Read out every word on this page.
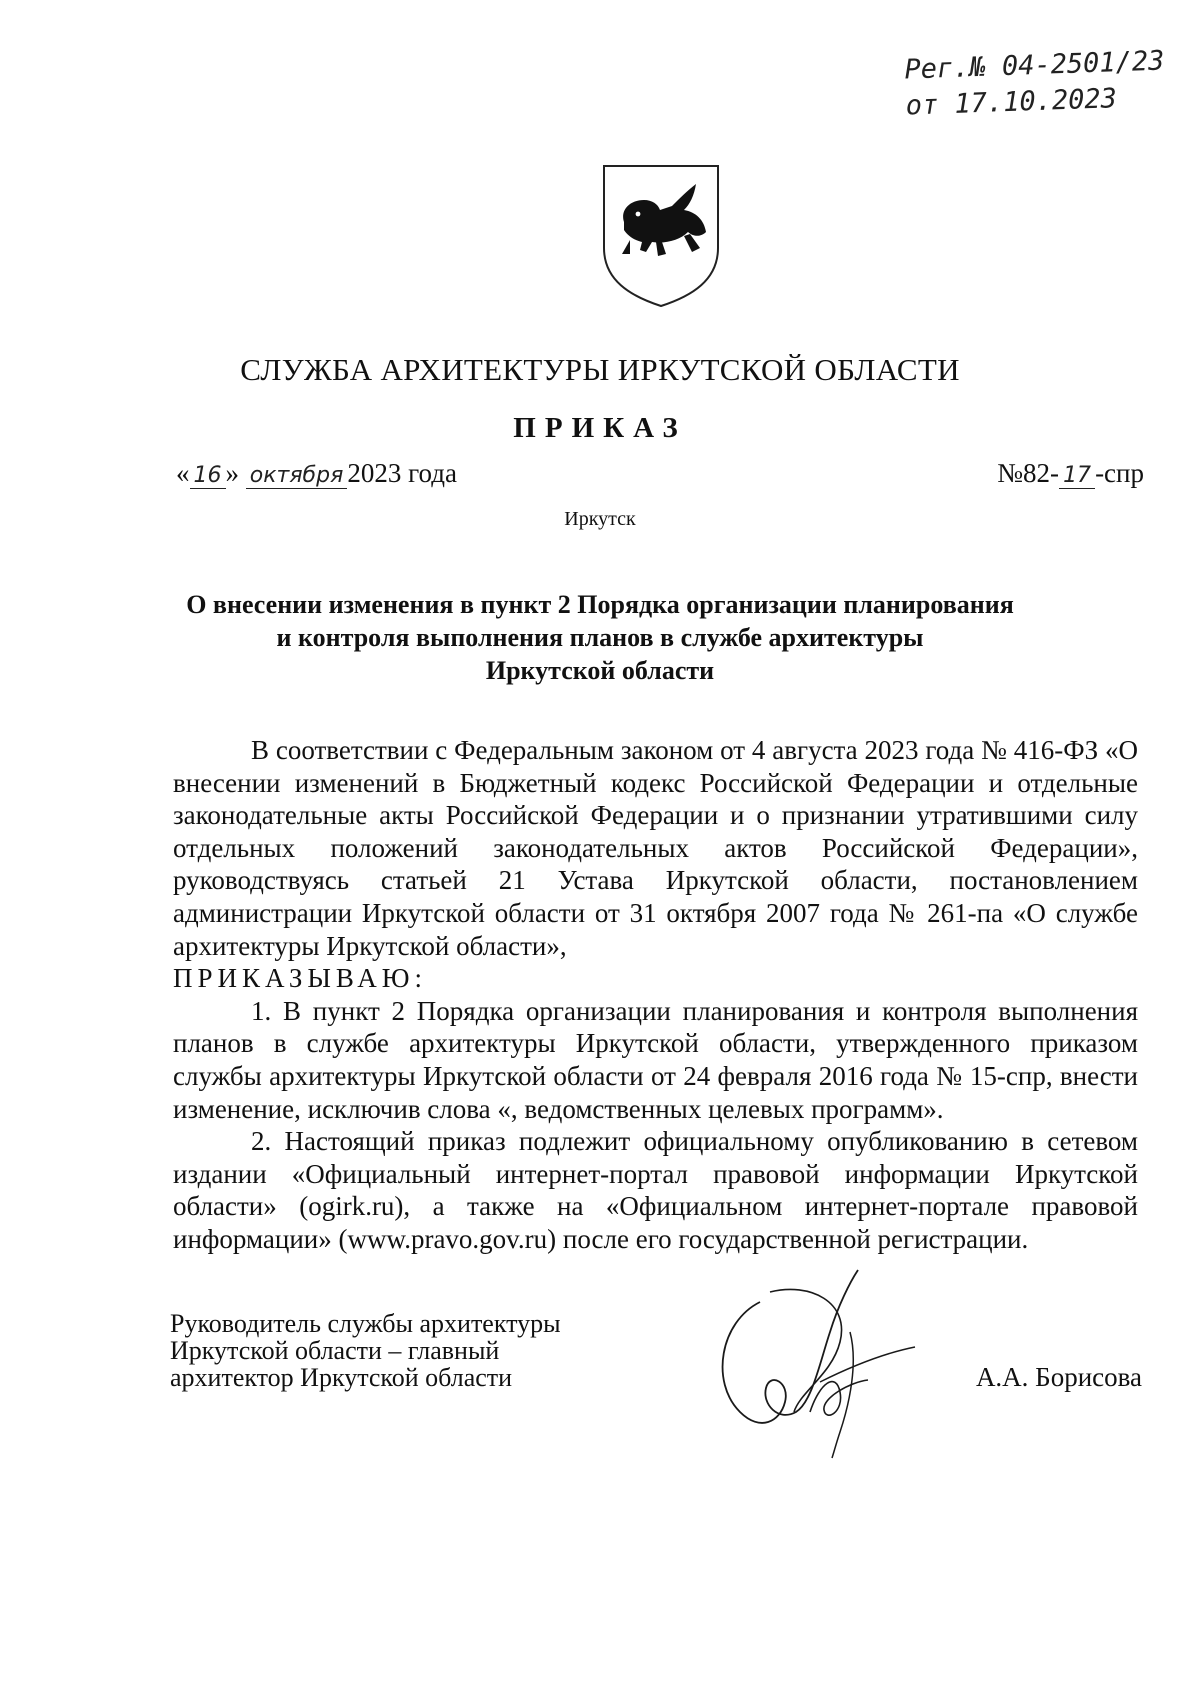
Рег.№ 04-2501/23
от 17.10.2023
СЛУЖБА АРХИТЕКТУРЫ ИРКУТСКОЙ ОБЛАСТИ
ПРИКАЗ
« 16 » октября 2023 года	№82- 17 -спр
Иркутск
О внесении изменения в пункт 2 Порядка организации планирования
и контроля выполнения планов в службе архитектуры
Иркутской области

В соответствии с Федеральным законом от 4 августа 2023 года № 416-ФЗ «О внесении изменений в Бюджетный кодекс Российской Федерации и отдельные законодательные акты Российской Федерации и о признании утратившими силу отдельных положений законодательных актов Российской Федерации», руководствуясь статьей 21 Устава Иркутской области, постановлением администрации Иркутской области от 31 октября 2007 года № 261-па «О службе архитектуры Иркутской области»,

ПРИКАЗЫВАЮ:

1. В пункт 2 Порядка организации планирования и контроля выполнения планов в службе архитектуры Иркутской области, утвержденного приказом службы архитектуры Иркутской области от 24 февраля 2016 года № 15-спр, внести изменение, исключив слова «, ведомственных целевых программ».

2. Настоящий приказ подлежит официальному опубликованию в сетевом издании «Официальный интернет-портал правовой информации Иркутской области» (ogirk.ru), а также на «Официальном интернет-портале правовой информации» (www.pravo.gov.ru) после его государственной регистрации.

Руководитель службы архитектуры
Иркутской области – главный
архитектор Иркутской области	А.А. Борисова
